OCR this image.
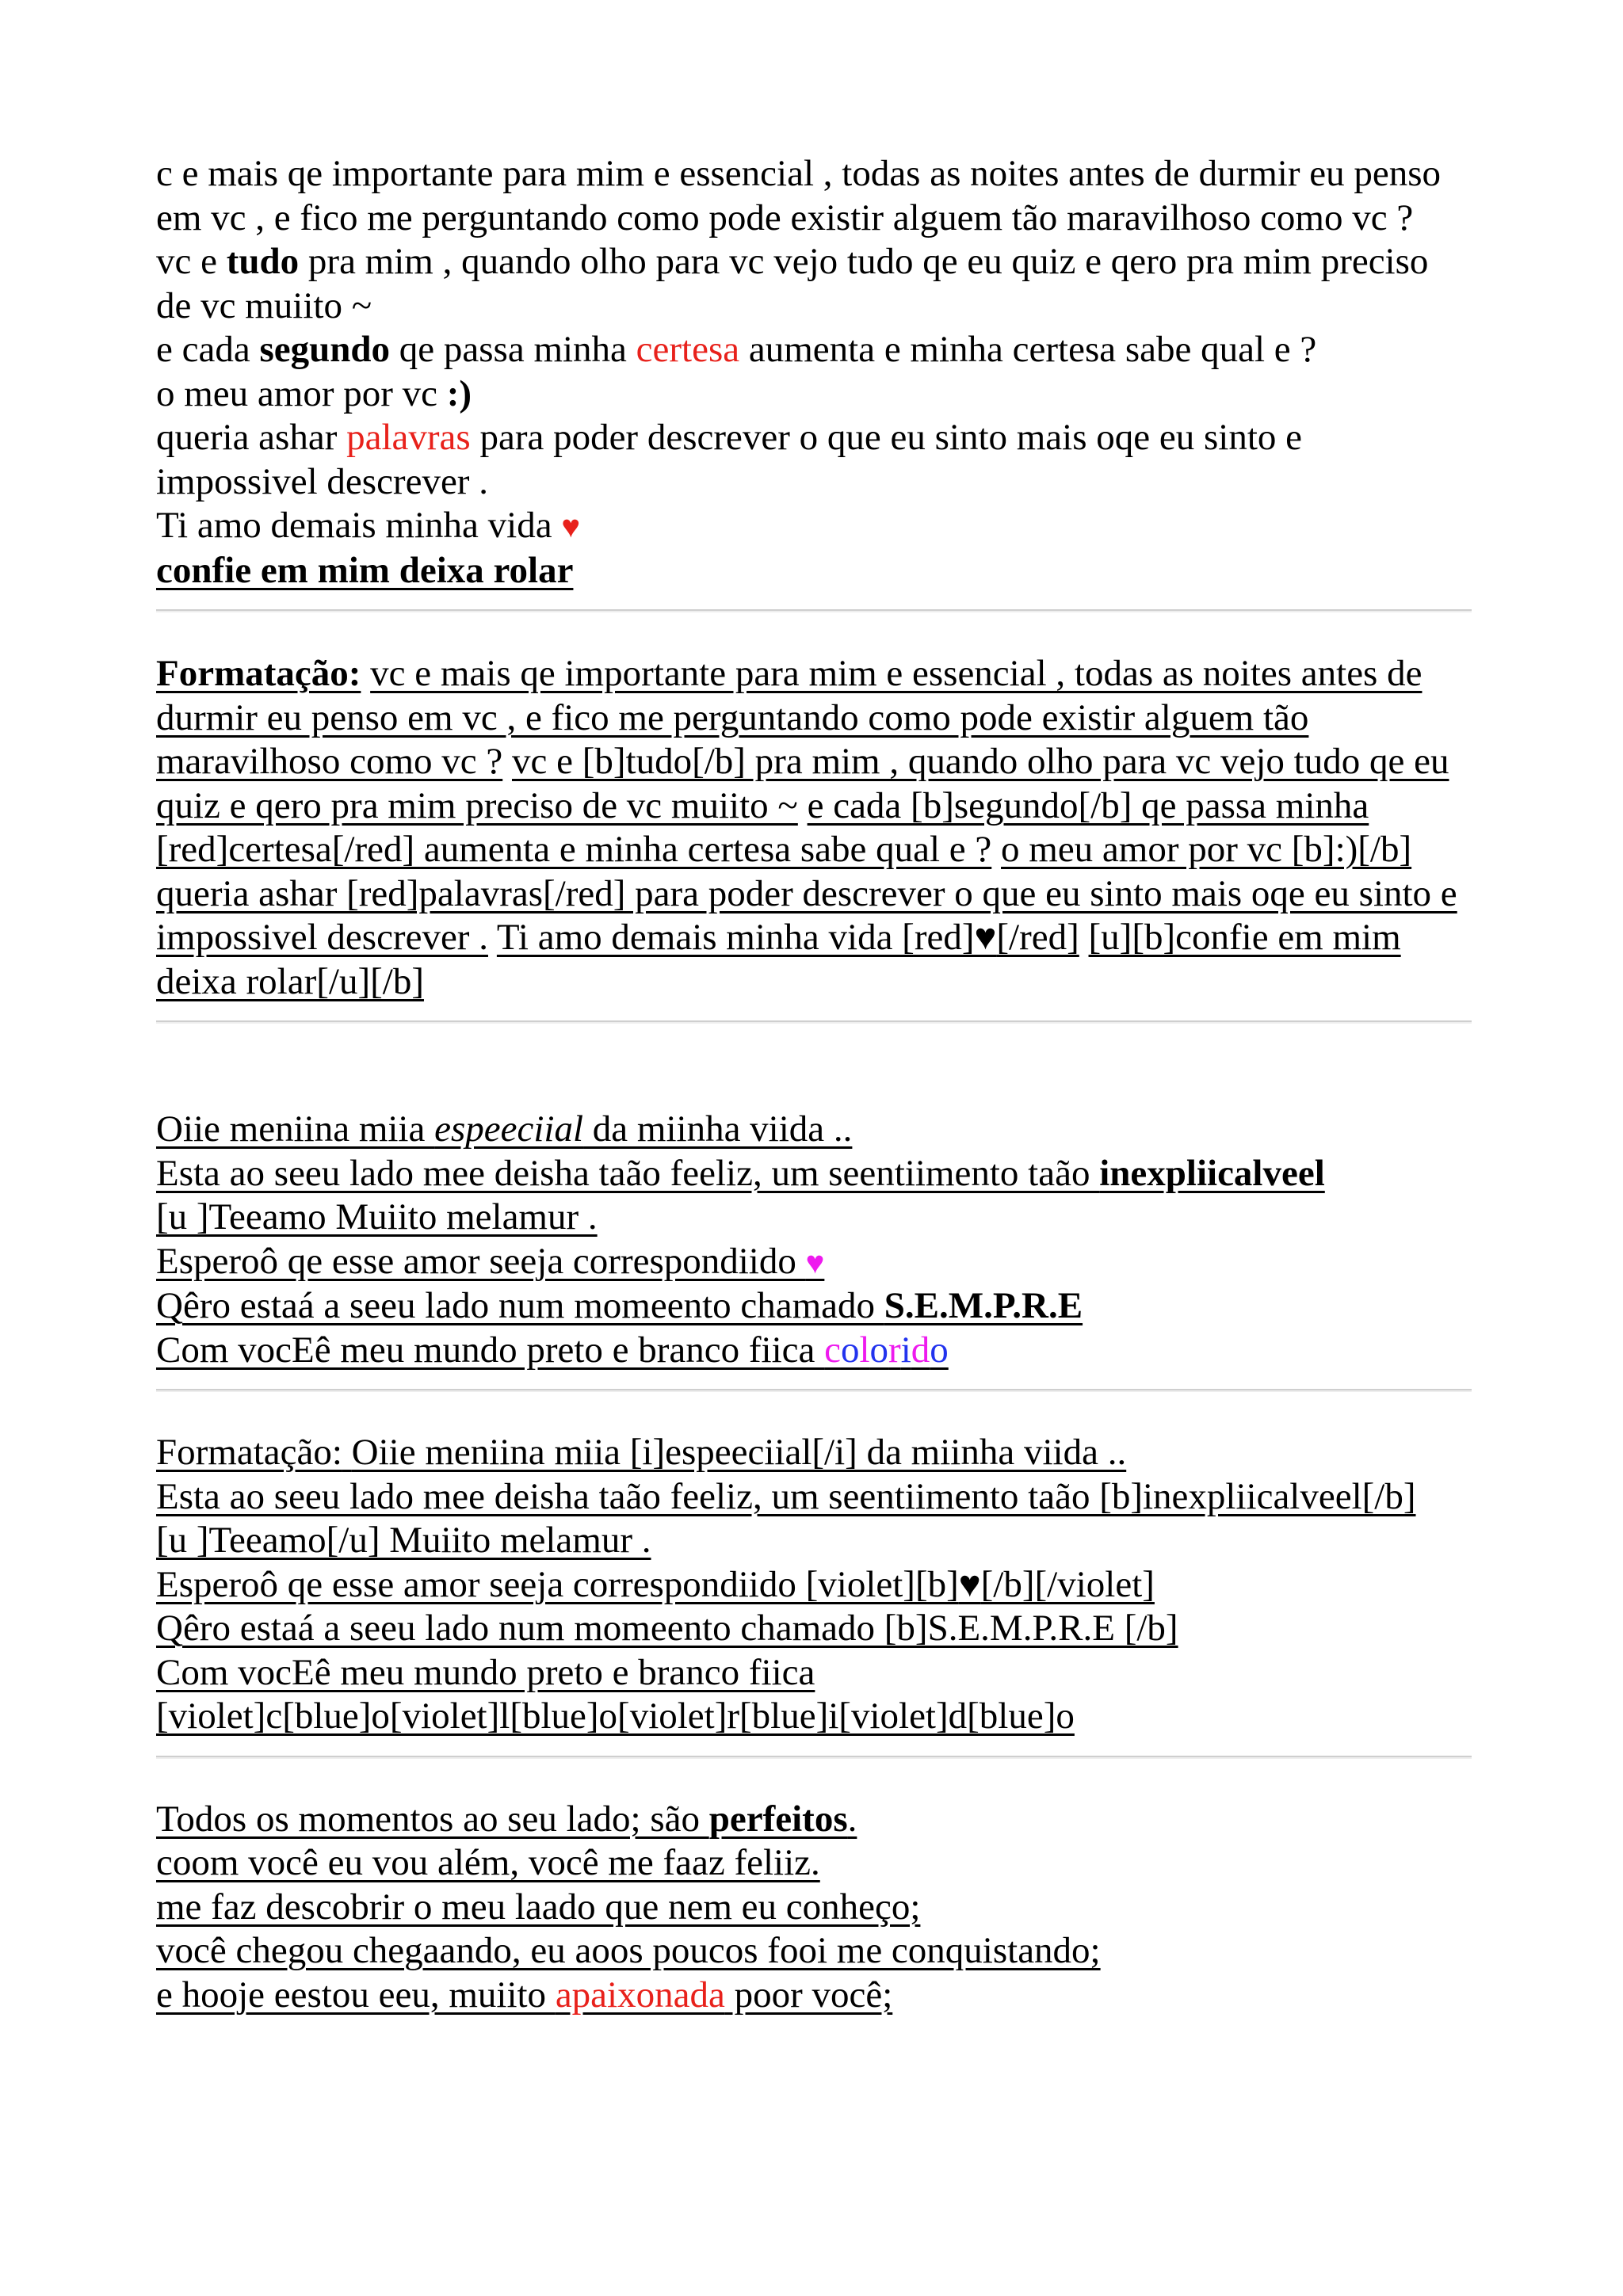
c e mais qe importante para mim e essencial , todas as noites antes de durmir eu penso em vc , e fico me perguntando como pode existir alguem tão maravilhoso como vc ?

vc e tudo pra mim , quando olho para vc vejo tudo qe eu quiz e qero pra mim preciso de vc muiito ~

e cada segundo qe passa minha certesa aumenta e minha certesa sabe qual e ?

o meu amor por vc :)

queria ashar palavras para poder descrever o que eu sinto mais oqe eu sinto e impossivel descrever .

Ti amo demais minha vida ♥

confie em mim deixa rolar

Formatação: vc e mais qe importante para mim e essencial , todas as noites antes de durmir eu penso em vc , e fico me perguntando como pode existir alguem tão maravilhoso como vc ? vc e [b]tudo[/b] pra mim , quando olho para vc vejo tudo qe eu quiz e qero pra mim preciso de vc muiito ~ e cada [b]segundo[/b] qe passa minha [red]certesa[/red] aumenta e minha certesa sabe qual e ? o meu amor por vc [b]:)[/b] queria ashar [red]palavras[/red] para poder descrever o que eu sinto mais oqe eu sinto e impossivel descrever . Ti amo demais minha vida [red]♥[/red] [u][b]confie em mim deixa rolar[/u][/b]

Oiie meniina miia espeeciial da miinha viida ..

Esta ao seeu lado mee deisha taão feeliz, um seentiimento taão inexpliicalveel

[u ]Teeamo Muiito melamur .

Esperoô qe esse amor seeja correspondiido ♥

Qêro estaá a seeu lado num momeento chamado S.E.M.P.R.E

Com vocEê meu mundo preto e branco fiica colorido

Formatação: Oiie meniina miia [i]espeeciial[/i] da miinha viida ..

Esta ao seeu lado mee deisha taão feeliz, um seentiimento taão [b]inexpliicalveel[/b]

[u ]Teeamo[/u] Muiito melamur .

Esperoô qe esse amor seeja correspondiido [violet][b]♥[/b][/violet]

Qêro estaá a seeu lado num momeento chamado [b]S.E.M.P.R.E [/b]

Com vocEê meu mundo preto e branco fiica

[violet]c[blue]o[violet]l[blue]o[violet]r[blue]i[violet]d[blue]o

Todos os momentos ao seu lado; são perfeitos.

coom você eu vou além, você me faaz feliiz.

me faz descobrir o meu laado que nem eu conheço;

você chegou chegaando, eu aoos poucos fooi me conquistando;

e hooje eestou eeu, muiito apaixonada poor você;
